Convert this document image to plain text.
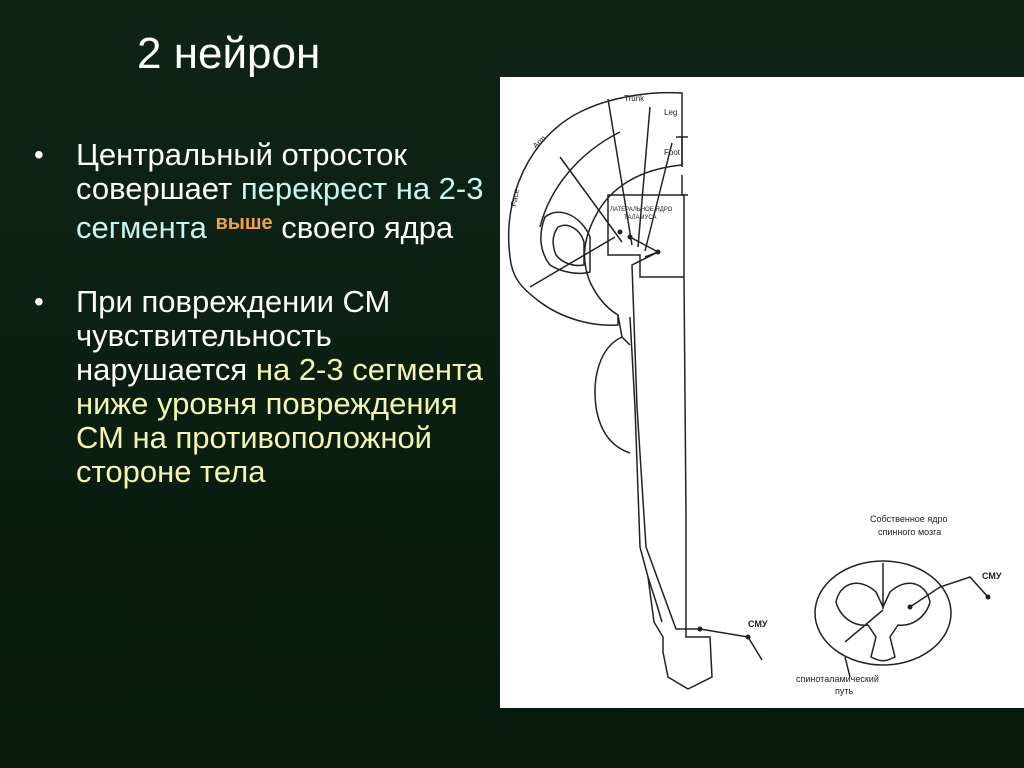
2 нейрон
• Центральный отросток совершает перекрест на 2-3 сегмента $^{выше}$ своего ядра
• При повреждении СМ чувствительность нарушается на 2-3 сегмента ниже уровня повреждения СМ на противоположной стороне тела
Trunk
Leg
Foot
Arm
Face
ЛАТЕРАЛЬНОЕ ЯДРО
ТАЛАМУСА
СМУ
СМУ
Собственное ядро
спинного мозга
спиноталамический
путь
